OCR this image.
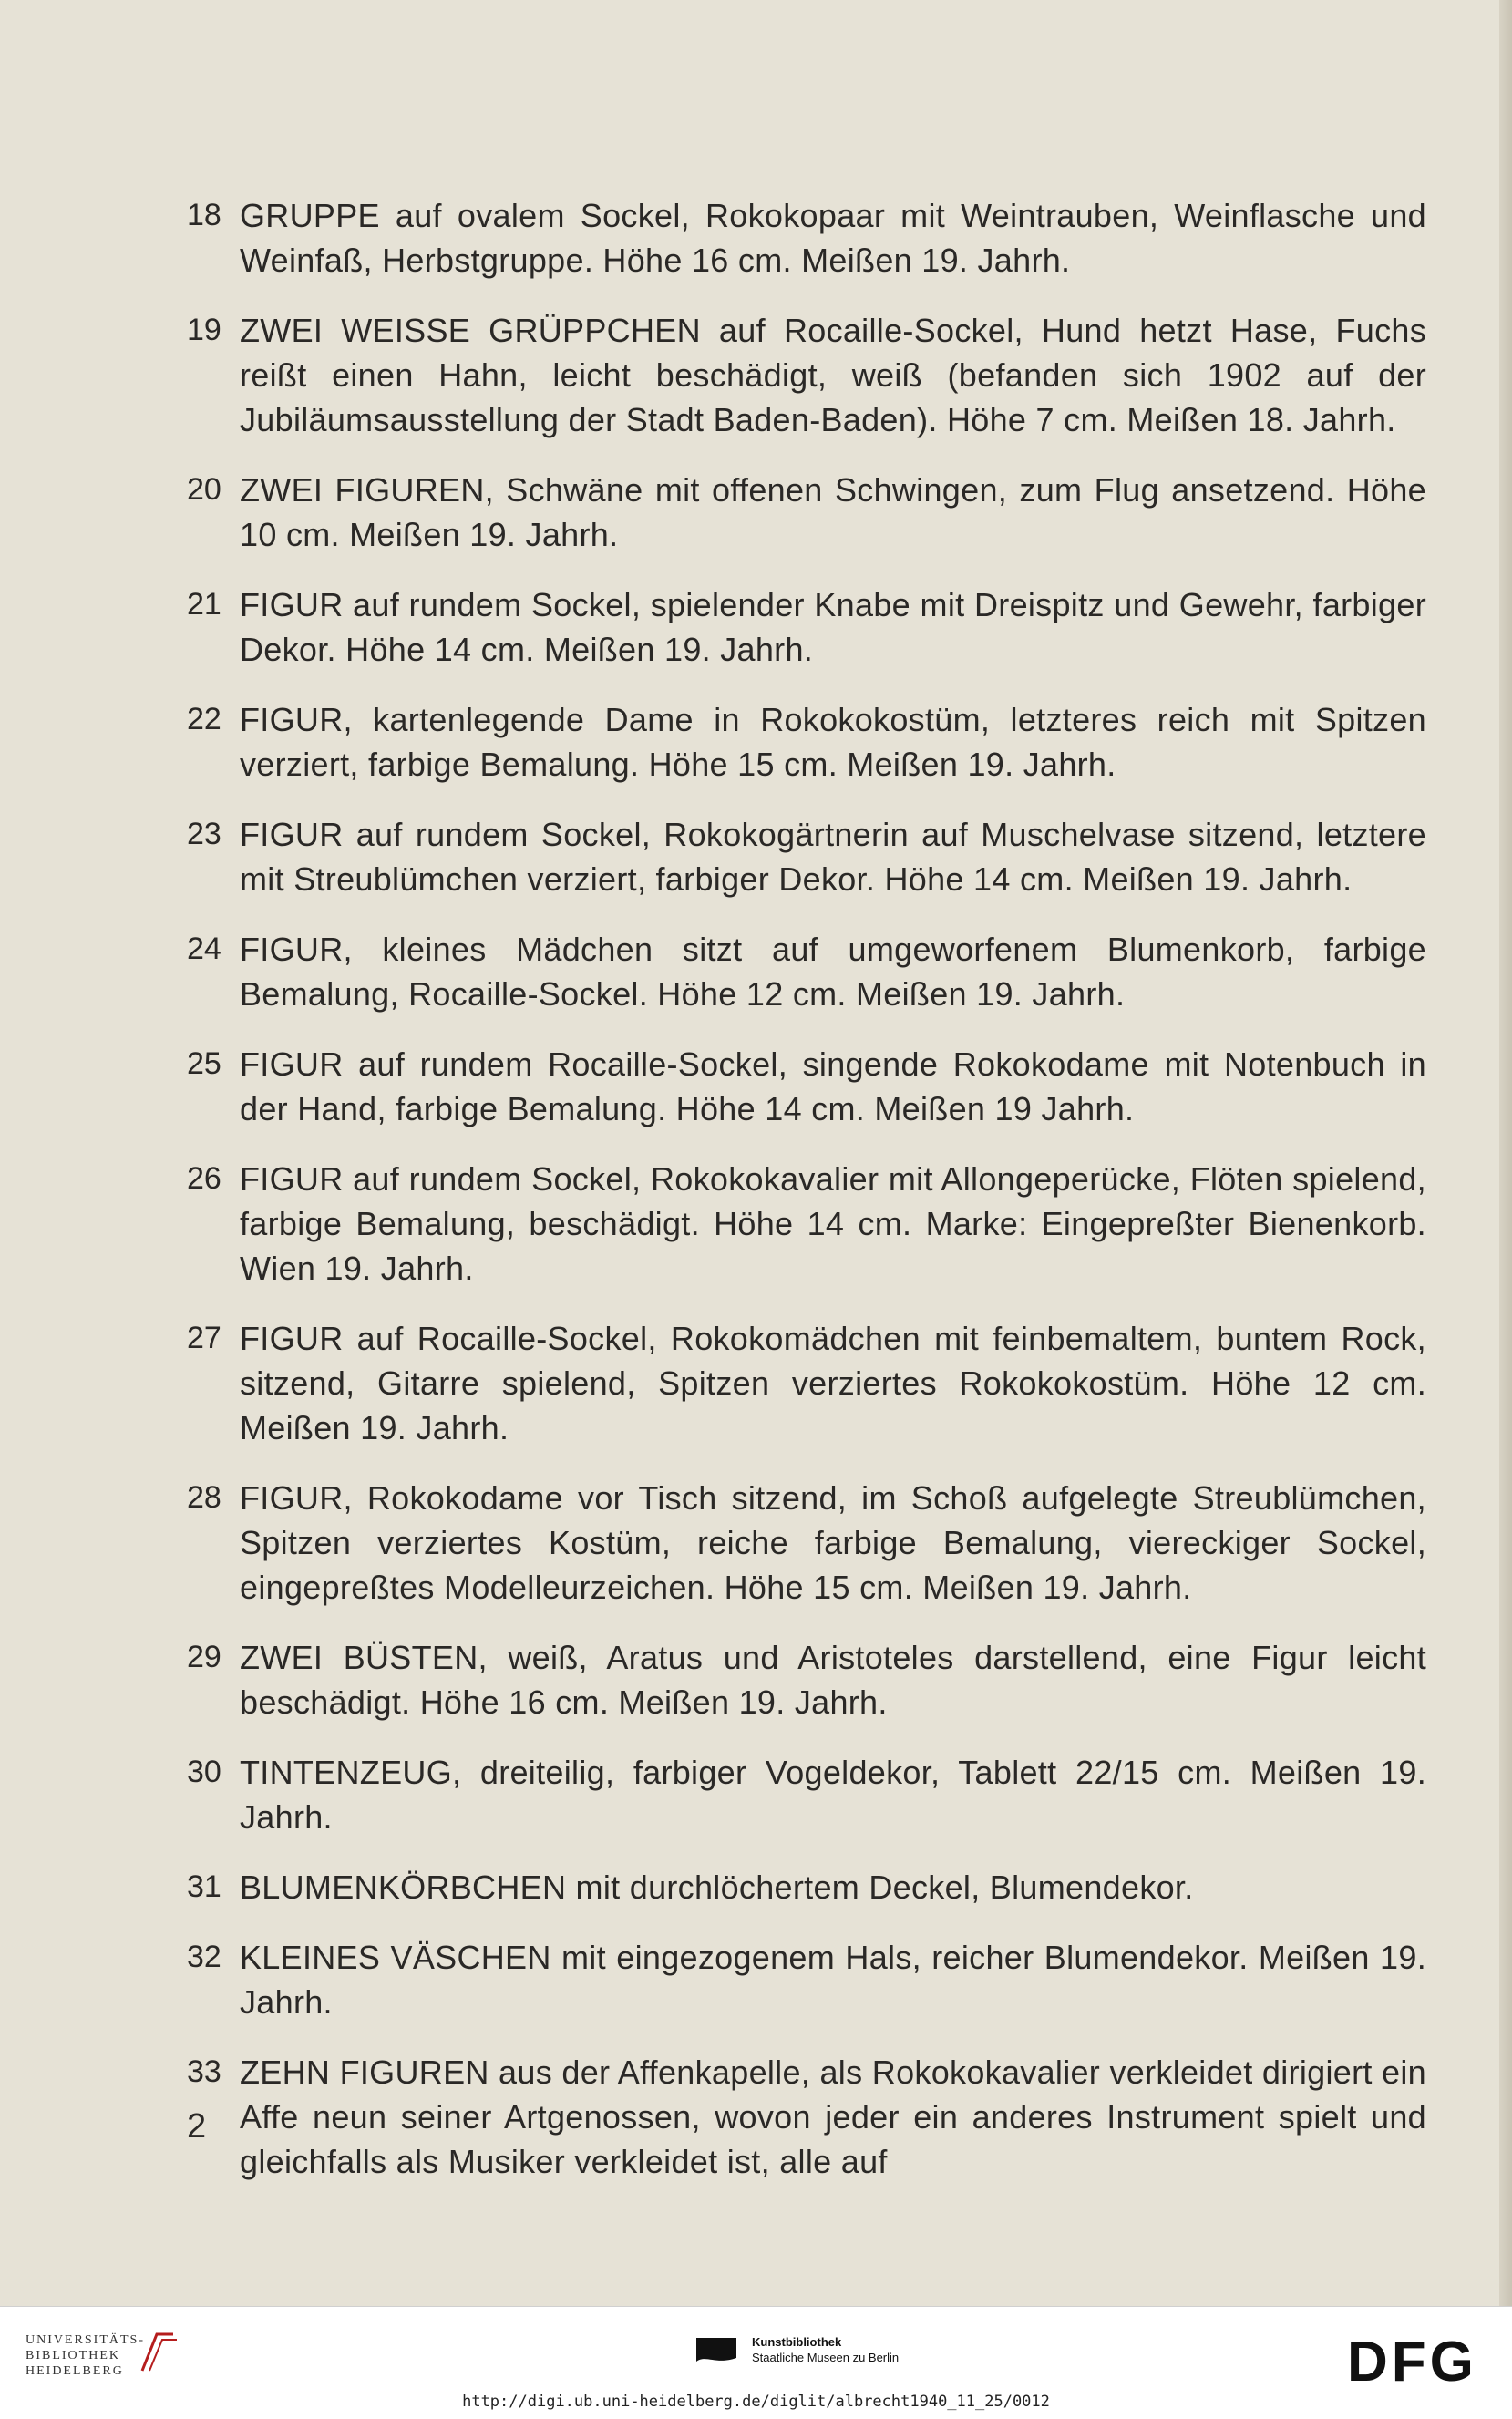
18 GRUPPE auf ovalem Sockel, Rokokopaar mit Weintrauben, Weinflasche und Weinfaß, Herbstgruppe. Höhe 16 cm. Meißen 19. Jahrh.
19 ZWEI WEISSE GRÜPPCHEN auf Rocaille-Sockel, Hund hetzt Hase, Fuchs reißt einen Hahn, leicht beschädigt, weiß (befanden sich 1902 auf der Jubiläumsausstellung der Stadt Baden-Baden). Höhe 7 cm. Meißen 18. Jahrh.
20 ZWEI FIGUREN, Schwäne mit offenen Schwingen, zum Flug ansetzend. Höhe 10 cm. Meißen 19. Jahrh.
21 FIGUR auf rundem Sockel, spielender Knabe mit Dreispitz und Gewehr, farbiger Dekor. Höhe 14 cm. Meißen 19. Jahrh.
22 FIGUR, kartenlegende Dame in Rokokokostüm, letzteres reich mit Spitzen verziert, farbige Bemalung. Höhe 15 cm. Meißen 19. Jahrh.
23 FIGUR auf rundem Sockel, Rokokogärtnerin auf Muschelvase sitzend, letztere mit Streublümchen verziert, farbiger Dekor. Höhe 14 cm. Meißen 19. Jahrh.
24 FIGUR, kleines Mädchen sitzt auf umgeworfenem Blumenkorb, farbige Bemalung, Rocaille-Sockel. Höhe 12 cm. Meißen 19. Jahrh.
25 FIGUR auf rundem Rocaille-Sockel, singende Rokokodame mit Notenbuch in der Hand, farbige Bemalung. Höhe 14 cm. Meißen 19 Jahrh.
26 FIGUR auf rundem Sockel, Rokokokavalier mit Allongeperücke, Flöten spielend, farbige Bemalung, beschädigt. Höhe 14 cm. Marke: Eingepreßter Bienenkorb. Wien 19. Jahrh.
27 FIGUR auf Rocaille-Sockel, Rokokomädchen mit feinbemaltem, buntem Rock, sitzend, Gitarre spielend, Spitzen verziertes Rokokokostüm. Höhe 12 cm. Meißen 19. Jahrh.
28 FIGUR, Rokokodame vor Tisch sitzend, im Schoß aufgelegte Streublümchen, Spitzen verziertes Kostüm, reiche farbige Bemalung, viereckiger Sockel, eingepreßtes Modelleurzeichen. Höhe 15 cm. Meißen 19. Jahrh.
29 ZWEI BÜSTEN, weiß, Aratus und Aristoteles darstellend, eine Figur leicht beschädigt. Höhe 16 cm. Meißen 19. Jahrh.
30 TINTENZEUG, dreiteilig, farbiger Vogeldekor, Tablett 22/15 cm. Meißen 19. Jahrh.
31 BLUMENKÖRBCHEN mit durchlöchertem Deckel, Blumendekor.
32 KLEINES VÄSCHEN mit eingezogenem Hals, reicher Blumendekor. Meißen 19. Jahrh.
33 ZEHN FIGUREN aus der Affenkapelle, als Rokokokavalier verkleidet dirigiert ein Affe neun seiner Artgenossen, wovon jeder ein anderes Instrument spielt und gleichfalls als Musiker verkleidet ist, alle auf
2
UNIVERSITÄTS-
BIBLIOTHEK
HEIDELBERG
Kunstbibliothek
Staatliche Museen zu Berlin	DFG
http://digi.ub.uni-heidelberg.de/diglit/albrecht1940_11_25/0012
